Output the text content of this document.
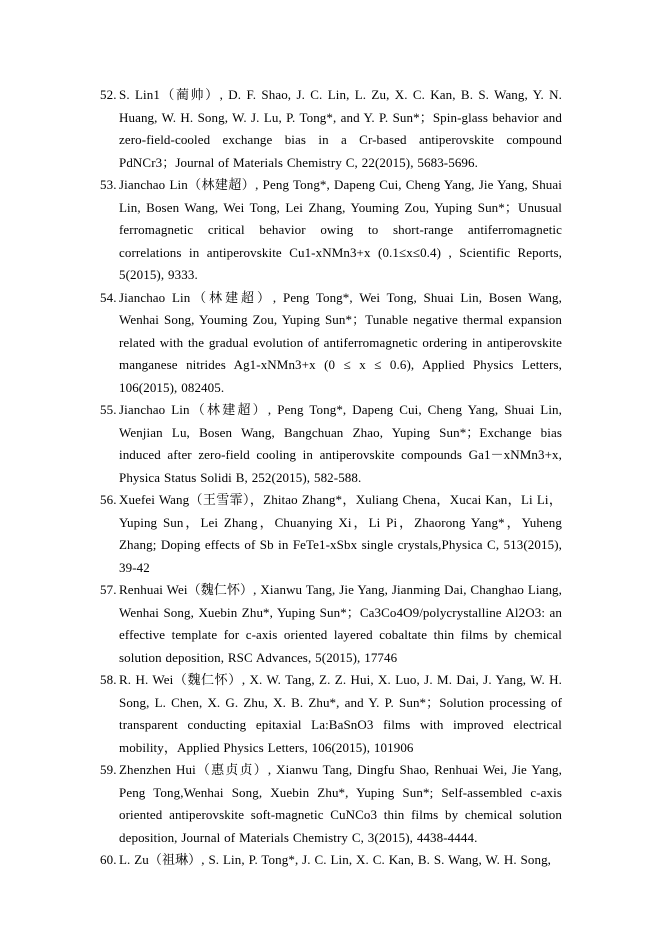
52. S. Lin1（蔺帅）, D. F. Shao, J. C. Lin, L. Zu, X. C. Kan, B. S. Wang, Y. N. Huang, W. H. Song, W. J. Lu, P. Tong*, and Y. P. Sun*；Spin-glass behavior and zero-field-cooled exchange bias in a Cr-based antiperovskite compound PdNCr3；Journal of Materials Chemistry C, 22(2015), 5683-5696.
53. Jianchao Lin（林建超）, Peng Tong*, Dapeng Cui, Cheng Yang, Jie Yang, Shuai Lin, Bosen Wang, Wei Tong, Lei Zhang, Youming Zou, Yuping Sun*；Unusual ferromagnetic critical behavior owing to short-range antiferromagnetic correlations in antiperovskite Cu1-xNMn3+x (0.1≤x≤0.4) , Scientific Reports, 5(2015), 9333.
54. Jianchao Lin（林建超）, Peng Tong*, Wei Tong, Shuai Lin, Bosen Wang, Wenhai Song, Youming Zou, Yuping Sun*；Tunable negative thermal expansion related with the gradual evolution of antiferromagnetic ordering in antiperovskite manganese nitrides Ag1-xNMn3+x (0 ≤ x ≤ 0.6), Applied Physics Letters, 106(2015), 082405.
55. Jianchao Lin（林建超）, Peng Tong*, Dapeng Cui, Cheng Yang, Shuai Lin, Wenjian Lu, Bosen Wang, Bangchuan Zhao, Yuping Sun*；Exchange bias induced after zero-field cooling in antiperovskite compounds Ga1－xNMn3+x, Physica Status Solidi B, 252(2015), 582-588.
56. Xuefei Wang（王雪霏），Zhitao Zhang*，Xuliang Chena，Xucai Kan，Li Li，Yuping Sun，Lei Zhang，Chuanying Xi，Li Pi，Zhaorong Yang*，Yuheng Zhang; Doping effects of Sb in FeTe1-xSbx single crystals,Physica C, 513(2015), 39-42
57. Renhuai Wei（魏仁怀）, Xianwu Tang, Jie Yang, Jianming Dai, Changhao Liang, Wenhai Song, Xuebin Zhu*, Yuping Sun*；Ca3Co4O9/polycrystalline Al2O3: an effective template for c-axis oriented layered cobaltate thin films by chemical solution deposition, RSC Advances, 5(2015), 17746
58. R. H. Wei（魏仁怀）, X. W. Tang, Z. Z. Hui, X. Luo, J. M. Dai, J. Yang, W. H. Song, L. Chen, X. G. Zhu, X. B. Zhu*, and Y. P. Sun*；Solution processing of transparent conducting epitaxial La:BaSnO3 films with improved electrical mobility，Applied Physics Letters, 106(2015), 101906
59. Zhenzhen Hui（惠贞贞）, Xianwu Tang, Dingfu Shao, Renhuai Wei, Jie Yang, Peng Tong,Wenhai Song, Xuebin Zhu*, Yuping Sun*; Self-assembled c-axis oriented antiperovskite soft-magnetic CuNCo3 thin films by chemical solution deposition, Journal of Materials Chemistry C, 3(2015), 4438-4444.
60. L. Zu（祖琳）, S. Lin, P. Tong*, J. C. Lin, X. C. Kan, B. S. Wang, W. H. Song,
